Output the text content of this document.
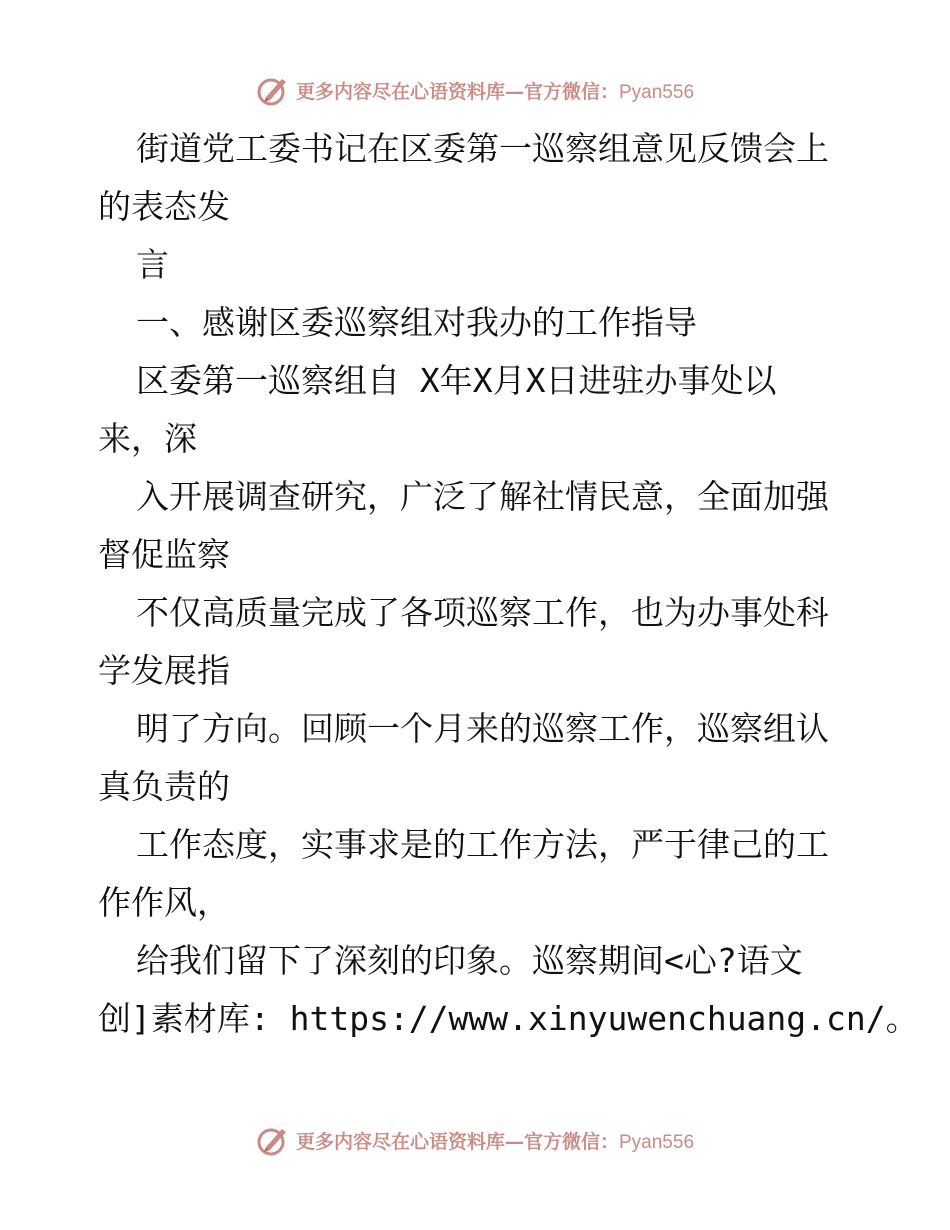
更多内容尽在心语资料库—官方微信：Pyan556
街道党工委书记在区委第一巡察组意见反馈会上
的表态发
言
一、感谢区委巡察组对我办的工作指导
区委第一巡察组自 X年X月X日进驻办事处以
来，深
入开展调查研究，广泛了解社情民意，全面加强
督促监察
不仅高质量完成了各项巡察工作，也为办事处科
学发展指
明了方向。回顾一个月来的巡察工作，巡察组认
真负责的
工作态度，实事求是的工作方法，严于律己的工
作作风，
给我们留下了深刻的印象。巡察期间<心?语文
创]素材库: https://www.xinyuwenchuang.cn/。
更多内容尽在心语资料库—官方微信：Pyan556
